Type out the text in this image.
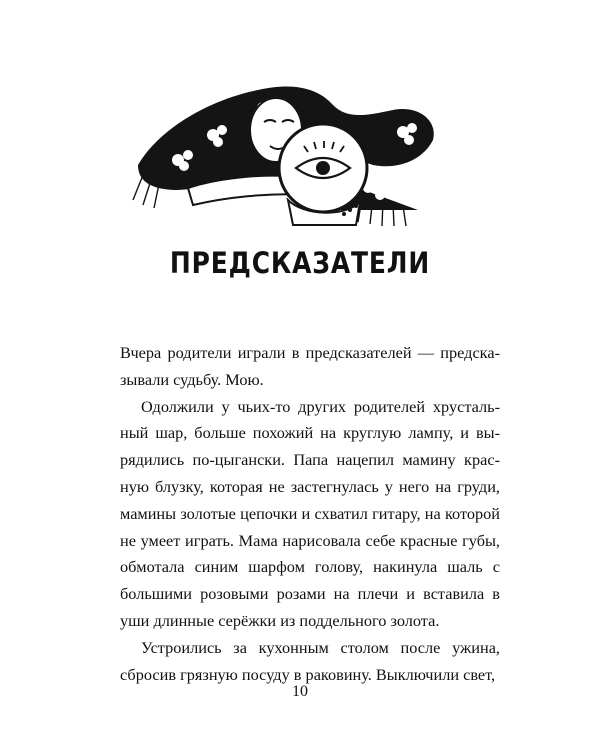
ПРЕДСКАЗАТЕЛИ

Вчера родители играли в предсказателей — предсказывали судьбу. Мою.

Одолжили у чьих-то других родителей хрустальный шар, больше похожий на круглую лампу, и вырядились по-цыгански. Папа нацепил мамину красную блузку, которая не застегнулась у него на груди, мамины золотые цепочки и схватил гитару, на которой не умеет играть. Мама нарисовала себе красные губы, обмотала синим шарфом голову, накинула шаль с большими розовыми розами на плечи и вставила в уши длинные серёжки из поддельного золота.

Устроились за кухонным столом после ужина, сбросив грязную посуду в раковину. Выключили свет,

10
